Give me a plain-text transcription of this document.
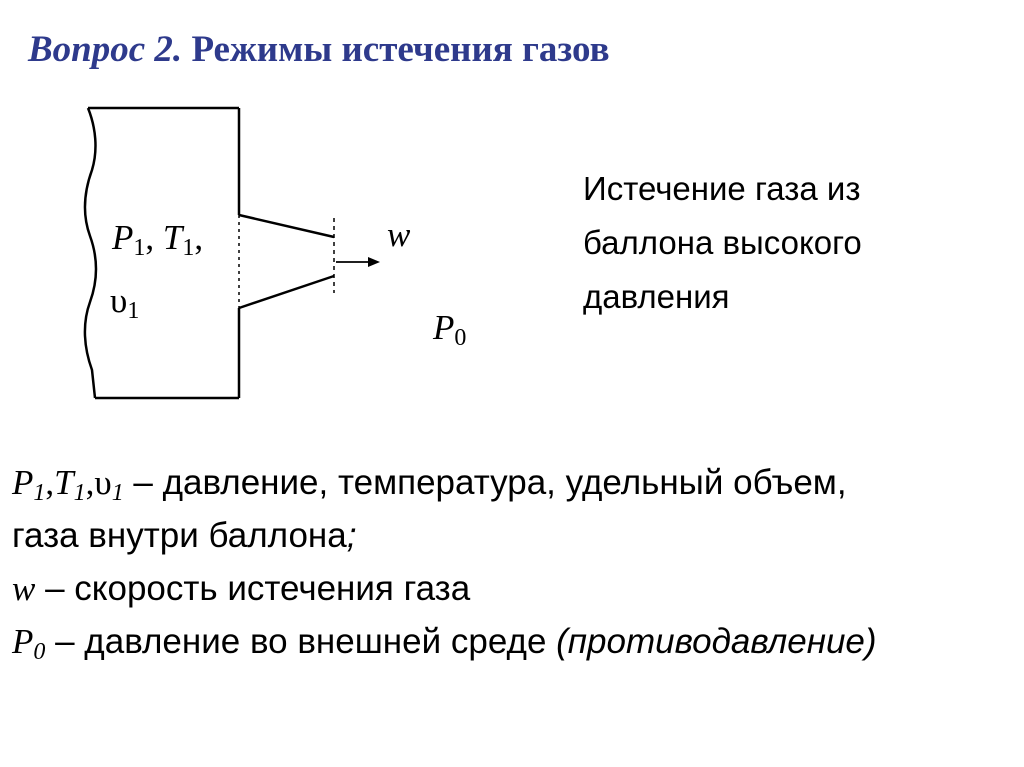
Вопрос 2. Режимы истечения газов
$P_1$, $T_1$,
$\upsilon_1$
w
$P_0$
Истечение газа из
баллона высокого
давления
$P_1,T_1,\upsilon_1$ – давление, температура, удельный объем,
газа внутри баллона;
w – скорость истечения газа
$P_0$ – давление во внешней среде (противодавление)
